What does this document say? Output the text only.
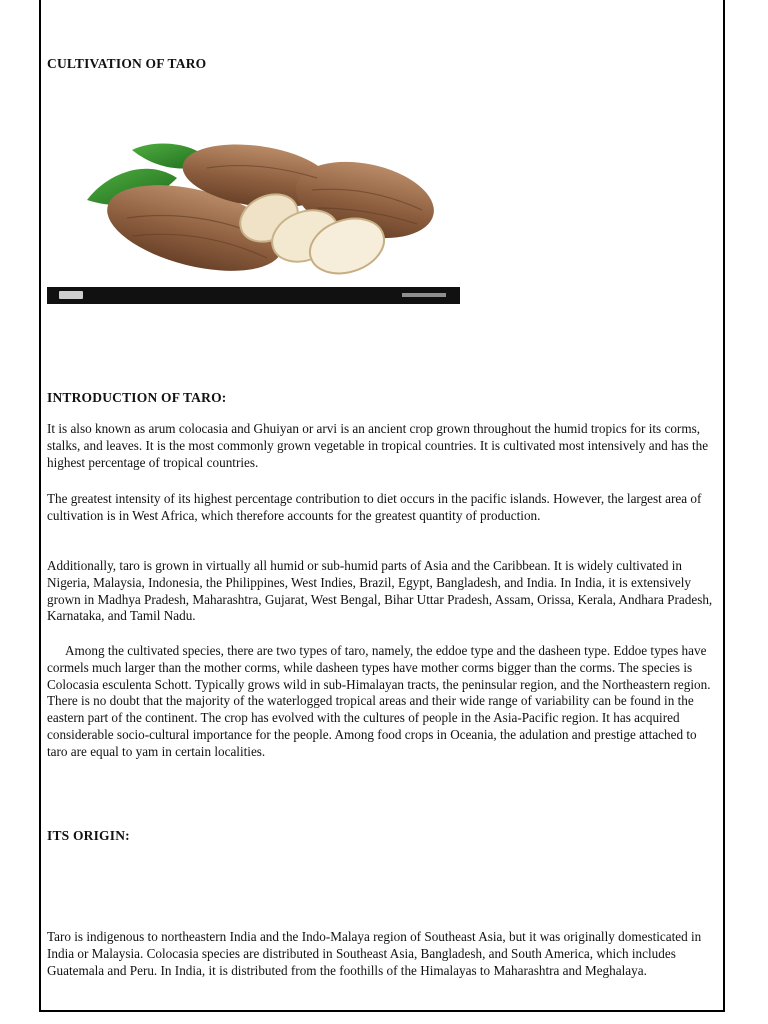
CULTIVATION OF TARO
INTRODUCTION OF TARO:

It is also known as arum colocasia and Ghuiyan or arvi is an ancient crop grown throughout the humid tropics for its corms, stalks, and leaves. It is the most commonly grown vegetable in tropical countries. It is cultivated most intensively and has the highest percentage of tropical countries.

The greatest intensity of its highest percentage contribution to diet occurs in the pacific islands. However, the largest area of cultivation is in West Africa, which therefore accounts for the greatest quantity of production.

Additionally, taro is grown in virtually all humid or sub-humid parts of Asia and the Caribbean. It is widely cultivated in Nigeria, Malaysia, Indonesia, the Philippines, West Indies, Brazil, Egypt, Bangladesh, and India. In India, it is extensively grown in Madhya Pradesh, Maharashtra, Gujarat, West Bengal, Bihar Uttar Pradesh, Assam, Orissa, Kerala, Andhara Pradesh, Karnataka, and Tamil Nadu.

Among the cultivated species, there are two types of taro, namely, the eddoe type and the dasheen type. Eddoe types have cormels much larger than the mother corms, while dasheen types have mother corms bigger than the corms. The species is Colocasia esculenta Schott. Typically grows wild in sub-Himalayan tracts, the peninsular region, and the Northeastern region. There is no doubt that the majority of the waterlogged tropical areas and their wide range of variability can be found in the eastern part of the continent. The crop has evolved with the cultures of people in the Asia-Pacific region. It has acquired considerable socio-cultural importance for the people. Among food crops in Oceania, the adulation and prestige attached to taro are equal to yam in certain localities.

ITS ORIGIN:

Taro is indigenous to northeastern India and the Indo-Malaya region of Southeast Asia, but it was originally domesticated in India or Malaysia. Colocasia species are distributed in Southeast Asia, Bangladesh, and South America, which includes Guatemala and Peru. In India, it is distributed from the foothills of the Himalayas to Maharashtra and Meghalaya.
